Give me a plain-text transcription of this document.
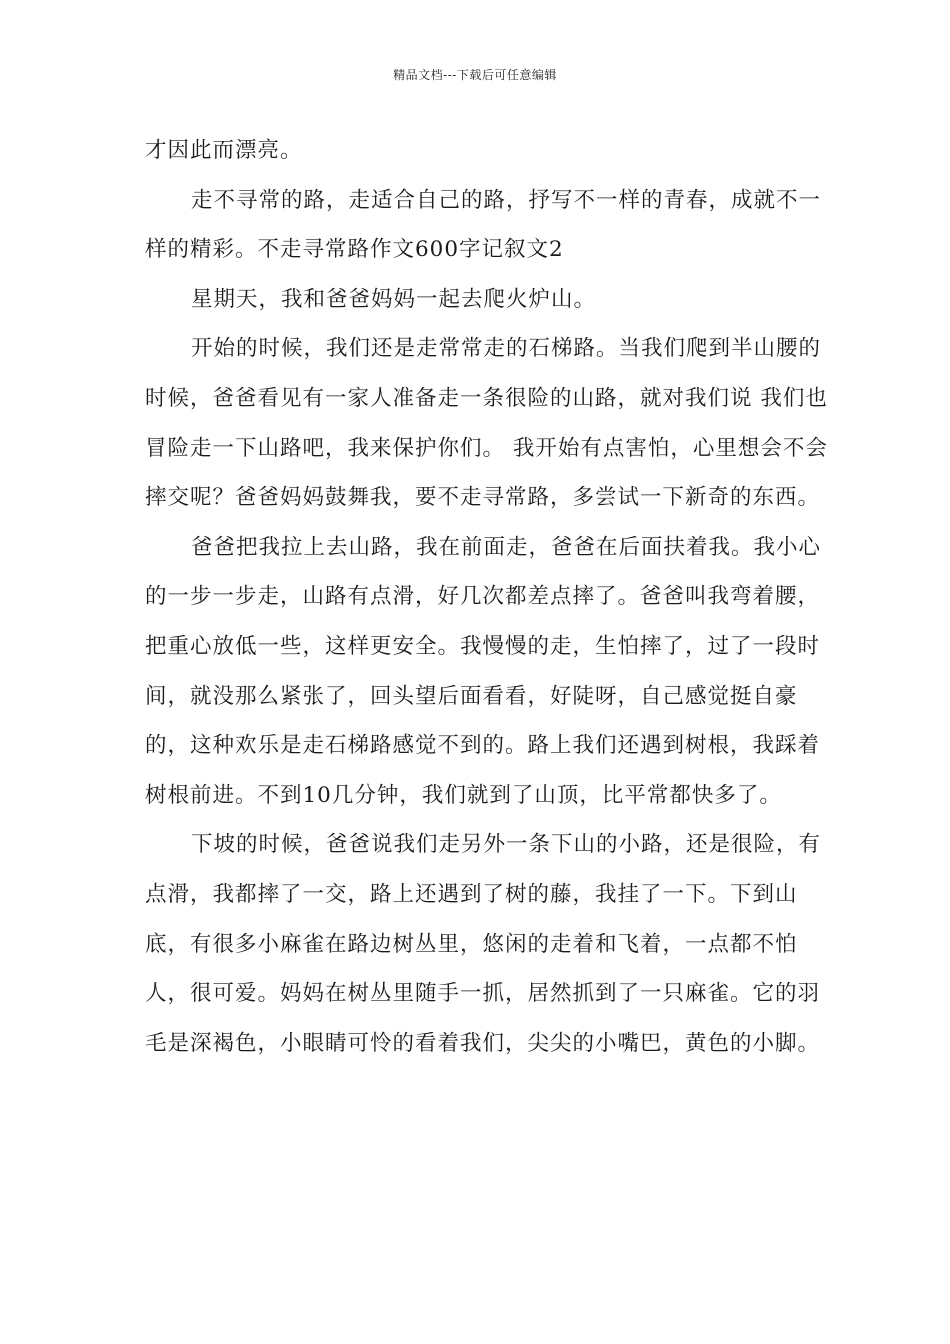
精品文档---下载后可任意编辑

才因此而漂亮。

走不寻常的路，走适合自己的路，抒写不一样的青春，成就不一样的精彩。不走寻常路作文600字记叙文2

星期天，我和爸爸妈妈一起去爬火炉山。

开始的时候，我们还是走常常走的石梯路。当我们爬到半山腰的时候，爸爸看见有一家人准备走一条很险的山路，就对我们说 我们也冒险走一下山路吧，我来保护你们。 我开始有点害怕，心里想会不会摔交呢？爸爸妈妈鼓舞我，要不走寻常路，多尝试一下新奇的东西。

爸爸把我拉上去山路，我在前面走，爸爸在后面扶着我。我小心的一步一步走，山路有点滑，好几次都差点摔了。爸爸叫我弯着腰，把重心放低一些，这样更安全。我慢慢的走，生怕摔了，过了一段时间，就没那么紧张了，回头望后面看看，好陡呀，自己感觉挺自豪的，这种欢乐是走石梯路感觉不到的。路上我们还遇到树根，我踩着树根前进。不到10几分钟，我们就到了山顶，比平常都快多了。

下坡的时候，爸爸说我们走另外一条下山的小路，还是很险，有点滑，我都摔了一交，路上还遇到了树的藤，我挂了一下。下到山底，有很多小麻雀在路边树丛里，悠闲的走着和飞着，一点都不怕人，很可爱。妈妈在树丛里随手一抓，居然抓到了一只麻雀。它的羽毛是深褐色，小眼睛可怜的看着我们，尖尖的小嘴巴，黄色的小脚。
